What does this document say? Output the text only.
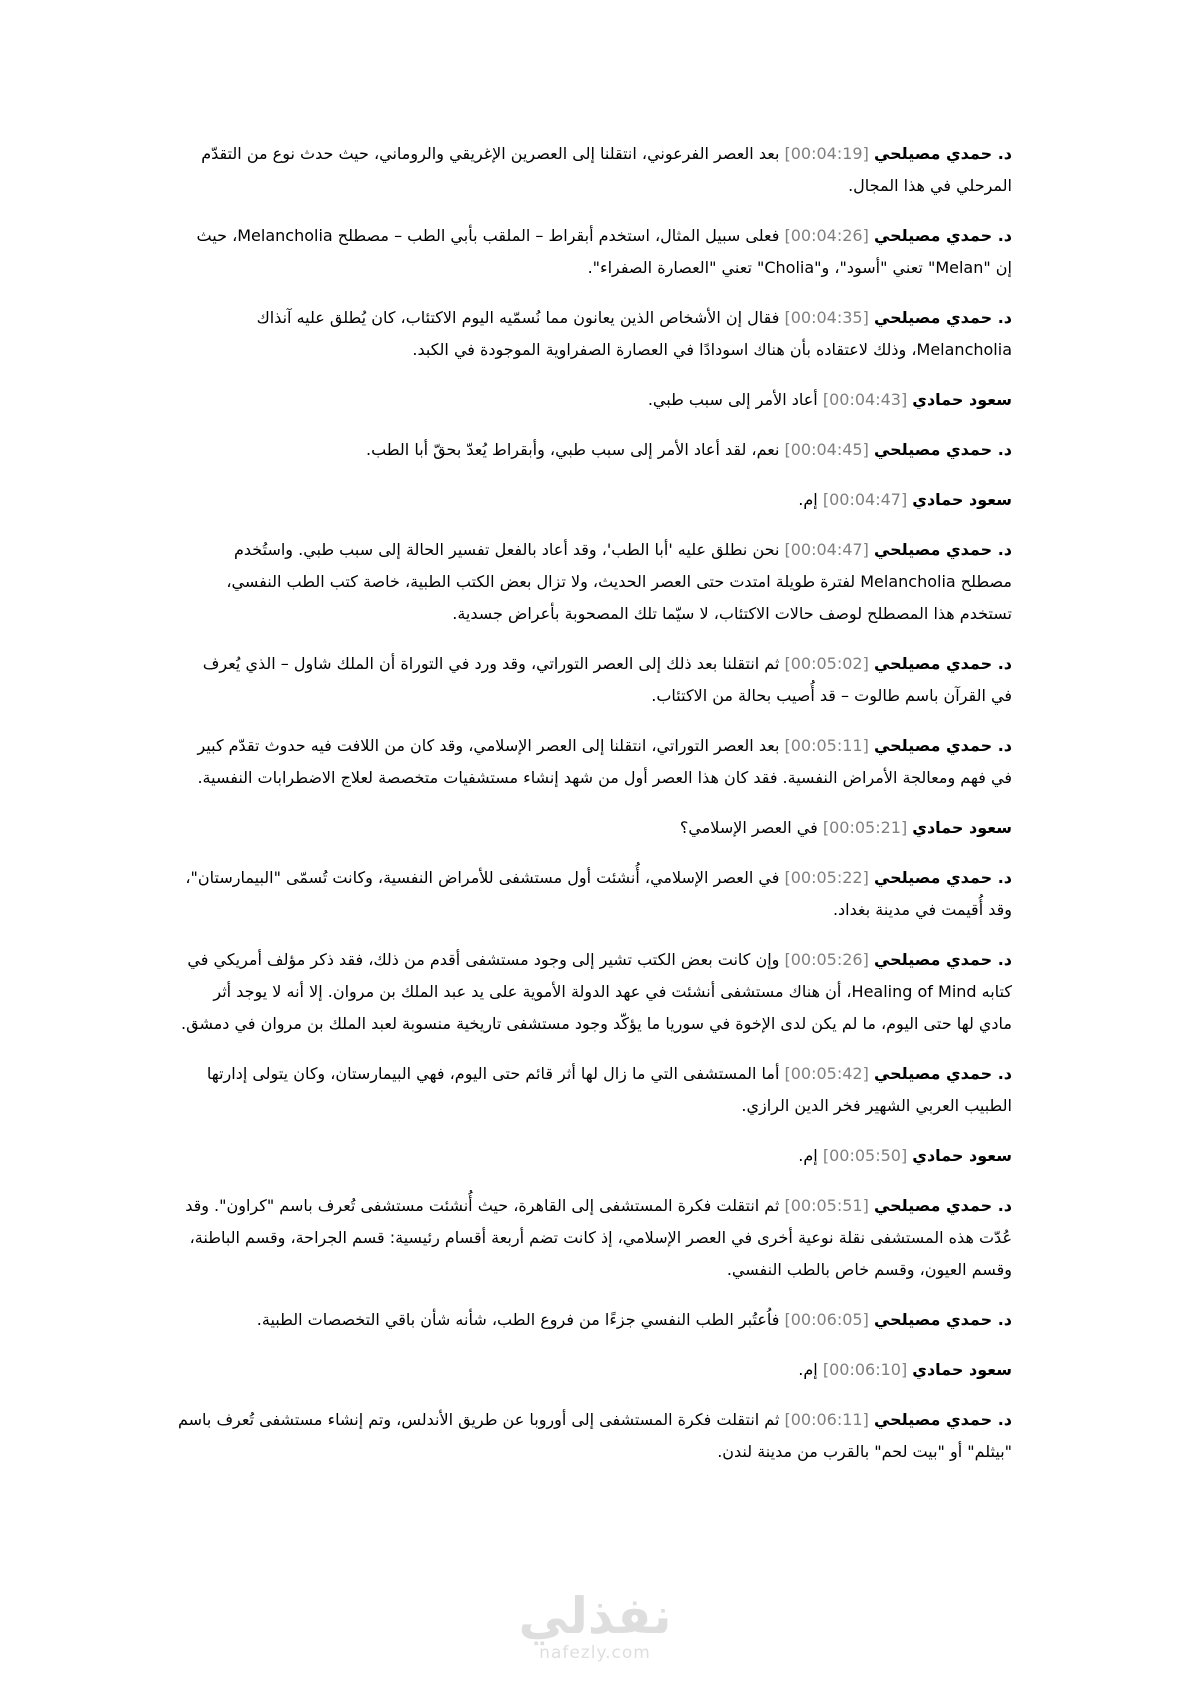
د. حمدي مصيلحي [00:04:19] بعد العصر الفرعوني، انتقلنا إلى العصرين الإغريقي والروماني، حيث حدث نوع من التقدّم المرحلي في هذا المجال.

د. حمدي مصيلحي [00:04:26] فعلى سبيل المثال، استخدم أبقراط – الملقب بأبي الطب – مصطلح Melancholia، حيث إن "Melan" تعني "أسود"، و"Cholia" تعني "العصارة الصفراء".

د. حمدي مصيلحي [00:04:35] فقال إن الأشخاص الذين يعانون مما نُسمّيه اليوم الاكتئاب، كان يُطلق عليه آنذاك Melancholia، وذلك لاعتقاده بأن هناك اسودادًا في العصارة الصفراوية الموجودة في الكبد.

سعود حمادي [00:04:43] أعاد الأمر إلى سبب طبي.

د. حمدي مصيلحي [00:04:45] نعم، لقد أعاد الأمر إلى سبب طبي، وأبقراط يُعدّ بحقّ أبا الطب.

سعود حمادي [00:04:47] إم.

د. حمدي مصيلحي [00:04:47] نحن نطلق عليه 'أبا الطب'، وقد أعاد بالفعل تفسير الحالة إلى سبب طبي. واستُخدم مصطلح Melancholia لفترة طويلة امتدت حتى العصر الحديث، ولا تزال بعض الكتب الطبية، خاصة كتب الطب النفسي، تستخدم هذا المصطلح لوصف حالات الاكتئاب، لا سيّما تلك المصحوبة بأعراض جسدية.

د. حمدي مصيلحي [00:05:02] ثم انتقلنا بعد ذلك إلى العصر التوراتي، وقد ورد في التوراة أن الملك شاول – الذي يُعرف في القرآن باسم طالوت – قد أُصيب بحالة من الاكتئاب.

د. حمدي مصيلحي [00:05:11] بعد العصر التوراتي، انتقلنا إلى العصر الإسلامي، وقد كان من اللافت فيه حدوث تقدّم كبير في فهم ومعالجة الأمراض النفسية. فقد كان هذا العصر أول من شهد إنشاء مستشفيات متخصصة لعلاج الاضطرابات النفسية.

سعود حمادي [00:05:21] في العصر الإسلامي؟

د. حمدي مصيلحي [00:05:22] في العصر الإسلامي، أُنشئت أول مستشفى للأمراض النفسية، وكانت تُسمّى "البيمارستان"، وقد أُقيمت في مدينة بغداد.

د. حمدي مصيلحي [00:05:26] وإن كانت بعض الكتب تشير إلى وجود مستشفى أقدم من ذلك، فقد ذكر مؤلف أمريكي في كتابه Healing of Mind، أن هناك مستشفى أنشئت في عهد الدولة الأموية على يد عبد الملك بن مروان. إلا أنه لا يوجد أثر مادي لها حتى اليوم، ما لم يكن لدى الإخوة في سوريا ما يؤكّد وجود مستشفى تاريخية منسوبة لعبد الملك بن مروان في دمشق.

د. حمدي مصيلحي [00:05:42] أما المستشفى التي ما زال لها أثر قائم حتى اليوم، فهي البيمارستان، وكان يتولى إدارتها الطبيب العربي الشهير فخر الدين الرازي.

سعود حمادي [00:05:50] إم.

د. حمدي مصيلحي [00:05:51] ثم انتقلت فكرة المستشفى إلى القاهرة، حيث أُنشئت مستشفى تُعرف باسم "كراون". وقد عُدّت هذه المستشفى نقلة نوعية أخرى في العصر الإسلامي، إذ كانت تضم أربعة أقسام رئيسية: قسم الجراحة، وقسم الباطنة، وقسم العيون، وقسم خاص بالطب النفسي.

د. حمدي مصيلحي [00:06:05] فاُعتُبر الطب النفسي جزءًا من فروع الطب، شأنه شأن باقي التخصصات الطبية.

سعود حمادي [00:06:10] إم.

د. حمدي مصيلحي [00:06:11] ثم انتقلت فكرة المستشفى إلى أوروبا عن طريق الأندلس، وتم إنشاء مستشفى تُعرف باسم "بيثلم" أو "بيت لحم" بالقرب من مدينة لندن.

نفذلي
nafezly.com
